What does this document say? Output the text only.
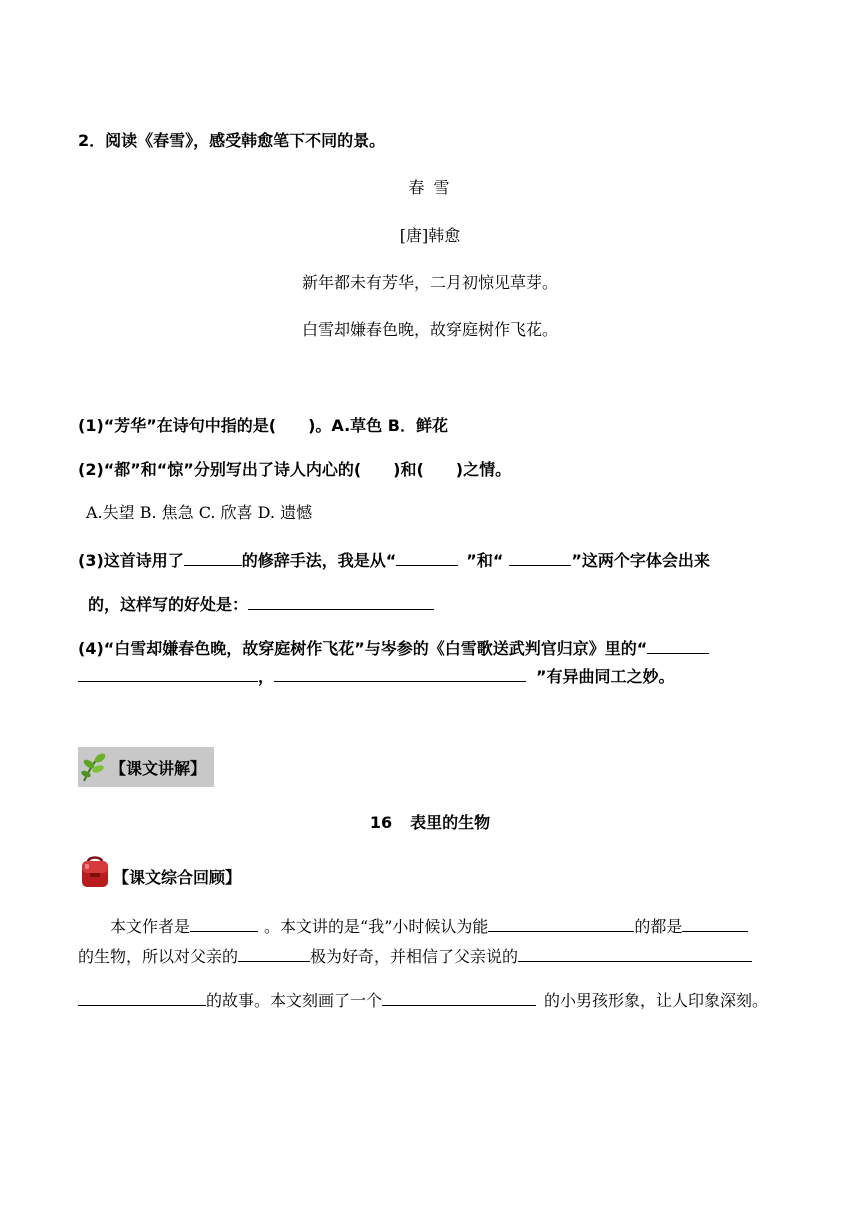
2．阅读《春雪》，感受韩愈笔下不同的景。
春 雪
[唐]韩愈
新年都未有芳华，二月初惊见草芽。
白雪却嫌春色晚，故穿庭树作飞花。
(1)“芳华”在诗句中指的是(　　)。A.草色 B．鲜花
(2)“都”和“惊”分别写出了诗人内心的(　　)和(　　)之情。
A.失望 B. 焦急 C. 欣喜 D. 遗憾
(3)这首诗用了	的修辞手法，我是从“	”和“	”这两个字体会出来
的，这样写的好处是：
(4)“白雪却嫌春色晚，故穿庭树作飞花”与岑参的《白雪歌送武判官归京》里的“
，	”有异曲同工之妙。
【课文讲解】
16 表里的生物
【课文综合回顾】
本文作者是	。本文讲的是“我”小时候认为能	的都是
的生物，所以对父亲的	极为好奇，并相信了父亲说的
的故事。本文刻画了一个	的小男孩形象，让人印象深刻。
